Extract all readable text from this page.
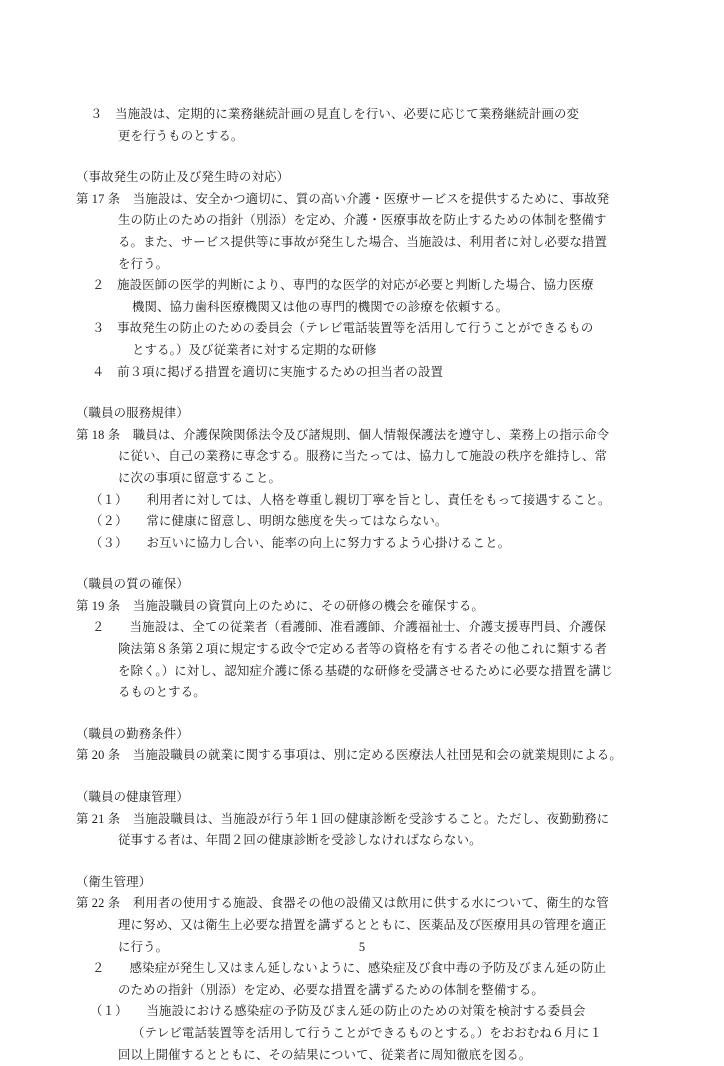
３　当施設は、定期的に業務継続計画の見直しを行い、必要に応じて業務継続計画の変
更を行うものとする。
（事故発生の防止及び発生時の対応）
第 17 条　当施設は、安全かつ適切に、質の高い介護・医療サービスを提供するために、事故発
生の防止のための指針（別添）を定め、介護・医療事故を防止するための体制を整備す
る。また、サービス提供等に事故が発生した場合、当施設は、利用者に対し必要な措置
を行う。
２　施設医師の医学的判断により、専門的な医学的対応が必要と判断した場合、協力医療
機関、協力歯科医療機関又は他の専門的機関での診療を依頼する。
３　事故発生の防止のための委員会（テレビ電話装置等を活用して行うことができるもの
とする。）及び従業者に対する定期的な研修
４　前３項に掲げる措置を適切に実施するための担当者の設置
（職員の服務規律）
第 18 条　職員は、介護保険関係法令及び諸規則、個人情報保護法を遵守し、業務上の指示命令
に従い、自己の業務に専念する。服務に当たっては、協力して施設の秩序を維持し、常
に次の事項に留意すること。
（１）　　利用者に対しては、人格を尊重し親切丁寧を旨とし、責任をもって接遇すること。
（２）　　常に健康に留意し、明朗な態度を失ってはならない。
（３）　　お互いに協力し合い、能率の向上に努力するよう心掛けること。
（職員の質の確保）
第 19 条　当施設職員の資質向上のために、その研修の機会を確保する。
２　　当施設は、全ての従業者（看護師、准看護師、介護福祉士、介護支援専門員、介護保
険法第８条第２項に規定する政令で定める者等の資格を有する者その他これに類する者
を除く。）に対し、認知症介護に係る基礎的な研修を受講させるために必要な措置を講じ
るものとする。
（職員の勤務条件）
第 20 条　当施設職員の就業に関する事項は、別に定める医療法人社団晃和会の就業規則による。
（職員の健康管理）
第 21 条　当施設職員は、当施設が行う年１回の健康診断を受診すること。ただし、夜勤勤務に
従事する者は、年間２回の健康診断を受診しなければならない。
（衛生管理）
第 22 条　利用者の使用する施設、食器その他の設備又は飲用に供する水について、衛生的な管
理に努め、又は衛生上必要な措置を講ずるとともに、医薬品及び医療用具の管理を適正
に行う。
２　　感染症が発生し又はまん延しないように、感染症及び食中毒の予防及びまん延の防止
のための指針（別添）を定め、必要な措置を講ずるための体制を整備する。
（１）　　当施設における感染症の予防及びまん延の防止のための対策を検討する委員会
（テレビ電話装置等を活用して行うことができるものとする。）をおおむね６月に１
回以上開催するとともに、その結果について、従業者に周知徹底を図る。
5
